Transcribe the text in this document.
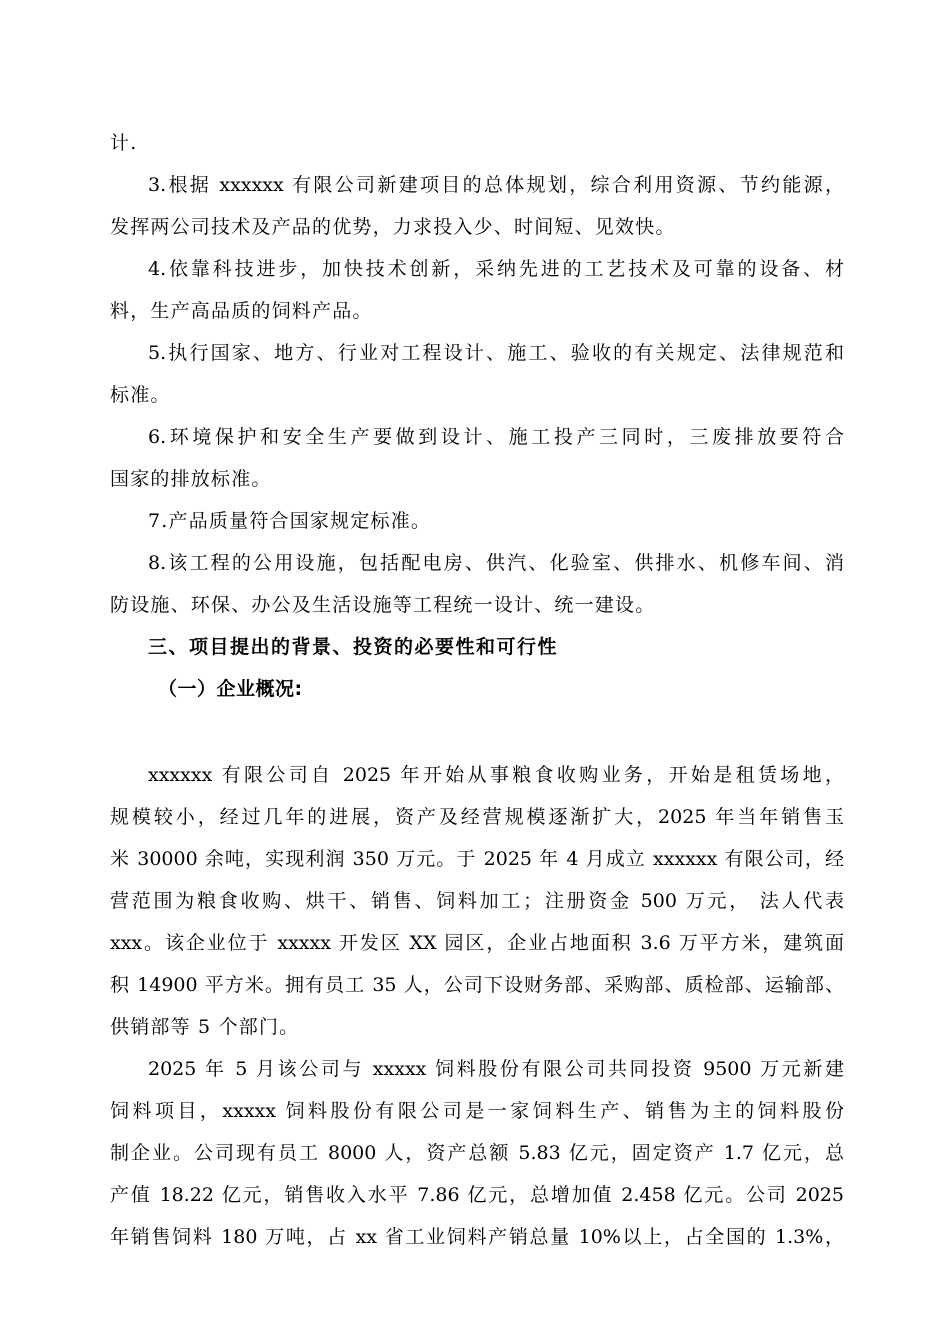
计.
3.根据 xxxxxx 有限公司新建项目的总体规划，综合利用资源、节约能源，
发挥两公司技术及产品的优势，力求投入少、时间短、见效快。
4.依靠科技进步，加快技术创新，采纳先进的工艺技术及可靠的设备、材
料，生产高品质的饲料产品。
5.执行国家、地方、行业对工程设计、施工、验收的有关规定、法律规范和
标准。
6.环境保护和安全生产要做到设计、施工投产三同时，三废排放要符合
国家的排放标准。
7.产品质量符合国家规定标准。
8.该工程的公用设施，包括配电房、供汽、化验室、供排水、机修车间、消
防设施、环保、办公及生活设施等工程统一设计、统一建设。
三、项目提出的背景、投资的必要性和可行性
（一）企业概况:
xxxxxx 有限公司自 2025 年开始从事粮食收购业务，开始是租赁场地，
规模较小，经过几年的进展，资产及经营规模逐渐扩大，2025 年当年销售玉
米 30000 余吨，实现利润 350 万元。于 2025 年 4 月成立 xxxxxx 有限公司，经
营范围为粮食收购、烘干、销售、饲料加工；注册资金 500 万元， 法人代表
xxx。该企业位于 xxxxx 开发区 XX 园区，企业占地面积 3.6 万平方米，建筑面
积 14900 平方米。拥有员工 35 人，公司下设财务部、采购部、质检部、运输部、
供销部等 5 个部门。
2025 年 5 月该公司与 xxxxx 饲料股份有限公司共同投资 9500 万元新建
饲料项目，xxxxx 饲料股份有限公司是一家饲料生产、销售为主的饲料股份
制企业。公司现有员工 8000 人，资产总额 5.83 亿元，固定资产 1.7 亿元，总
产值 18.22 亿元，销售收入水平 7.86 亿元，总增加值 2.458 亿元。公司 2025
年销售饲料 180 万吨，占 xx 省工业饲料产销总量 10%以上，占全国的 1.3%，
